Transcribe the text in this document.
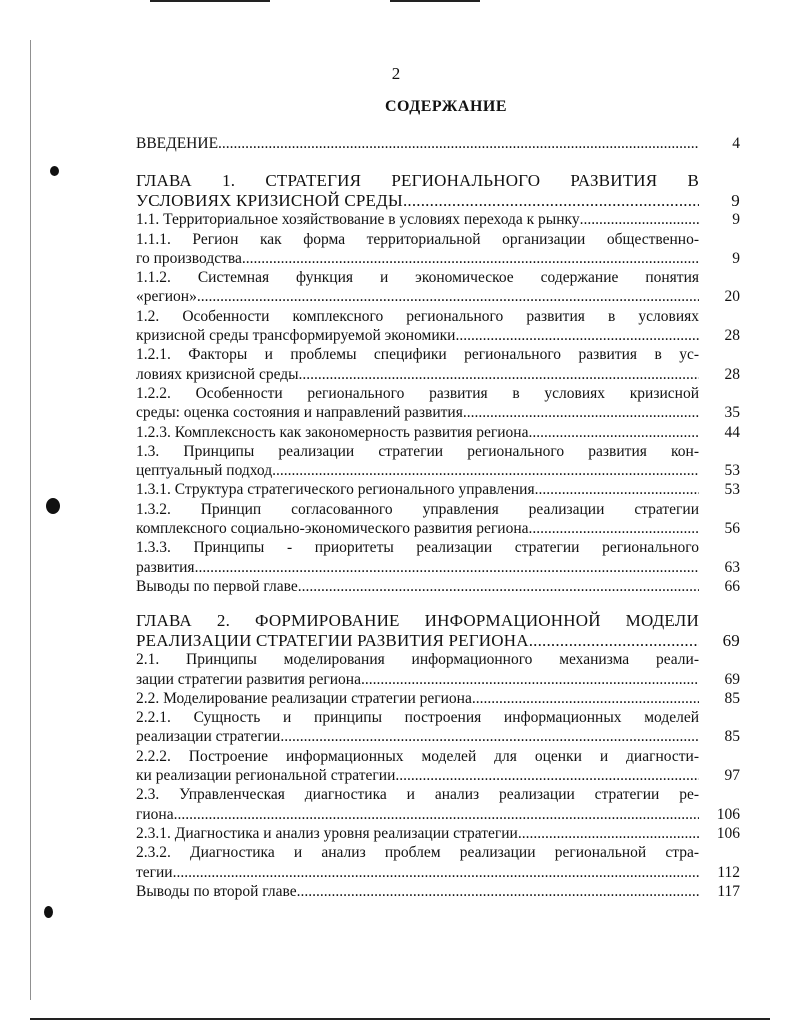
2
СОДЕРЖАНИЕ
ВВЕДЕНИЕ .....	4
ГЛАВА 1. СТРАТЕГИЯ РЕГИОНАЛЬНОГО РАЗВИТИЯ В
УСЛОВИЯХ КРИЗИСНОЙ СРЕДЫ .....	9
1.1. Территориальное хозяйствование в условиях перехода к рынку .....	9
1.1.1. Регион как форма территориальной организации общественно-
го производства .....	9
1.1.2. Системная функция и экономическое содержание понятия
«регион» .....	20
1.2. Особенности комплексного регионального развития в условиях
кризисной среды трансформируемой экономики .....	28
1.2.1. Факторы и проблемы специфики регионального развития в ус-
ловиях кризисной среды .....	28
1.2.2. Особенности регионального развития в условиях кризисной
среды: оценка состояния и направлений развития .....	35
1.2.3. Комплексность как закономерность развития региона .....	44
1.3. Принципы реализации стратегии регионального развития кон-
цептуальный подход .....	53
1.3.1. Структура стратегического регионального управления .....	53
1.3.2. Принцип согласованного управления реализации стратегии
комплексного социально-экономического развития региона .....	56
1.3.3. Принципы - приоритеты реализации стратегии регионального
развития .....	63
Выводы по первой главе .....	66
ГЛАВА 2. ФОРМИРОВАНИЕ ИНФОРМАЦИОННОЙ МОДЕЛИ
РЕАЛИЗАЦИИ СТРАТЕГИИ РАЗВИТИЯ РЕГИОНА .....	69
2.1. Принципы моделирования информационного механизма реали-
зации стратегии развития региона .....	69
2.2. Моделирование реализации стратегии региона .....	85
2.2.1. Сущность и принципы построения информационных моделей
реализации стратегии .....	85
2.2.2. Построение информационных моделей для оценки и диагности-
ки реализации региональной стратегии .....	97
2.3. Управленческая диагностика и анализ реализации стратегии ре-
гиона .....	106
2.3.1. Диагностика и анализ уровня реализации стратегии .....	106
2.3.2. Диагностика и анализ проблем реализации региональной стра-
тегии .....	112
Выводы по второй главе .....	117
